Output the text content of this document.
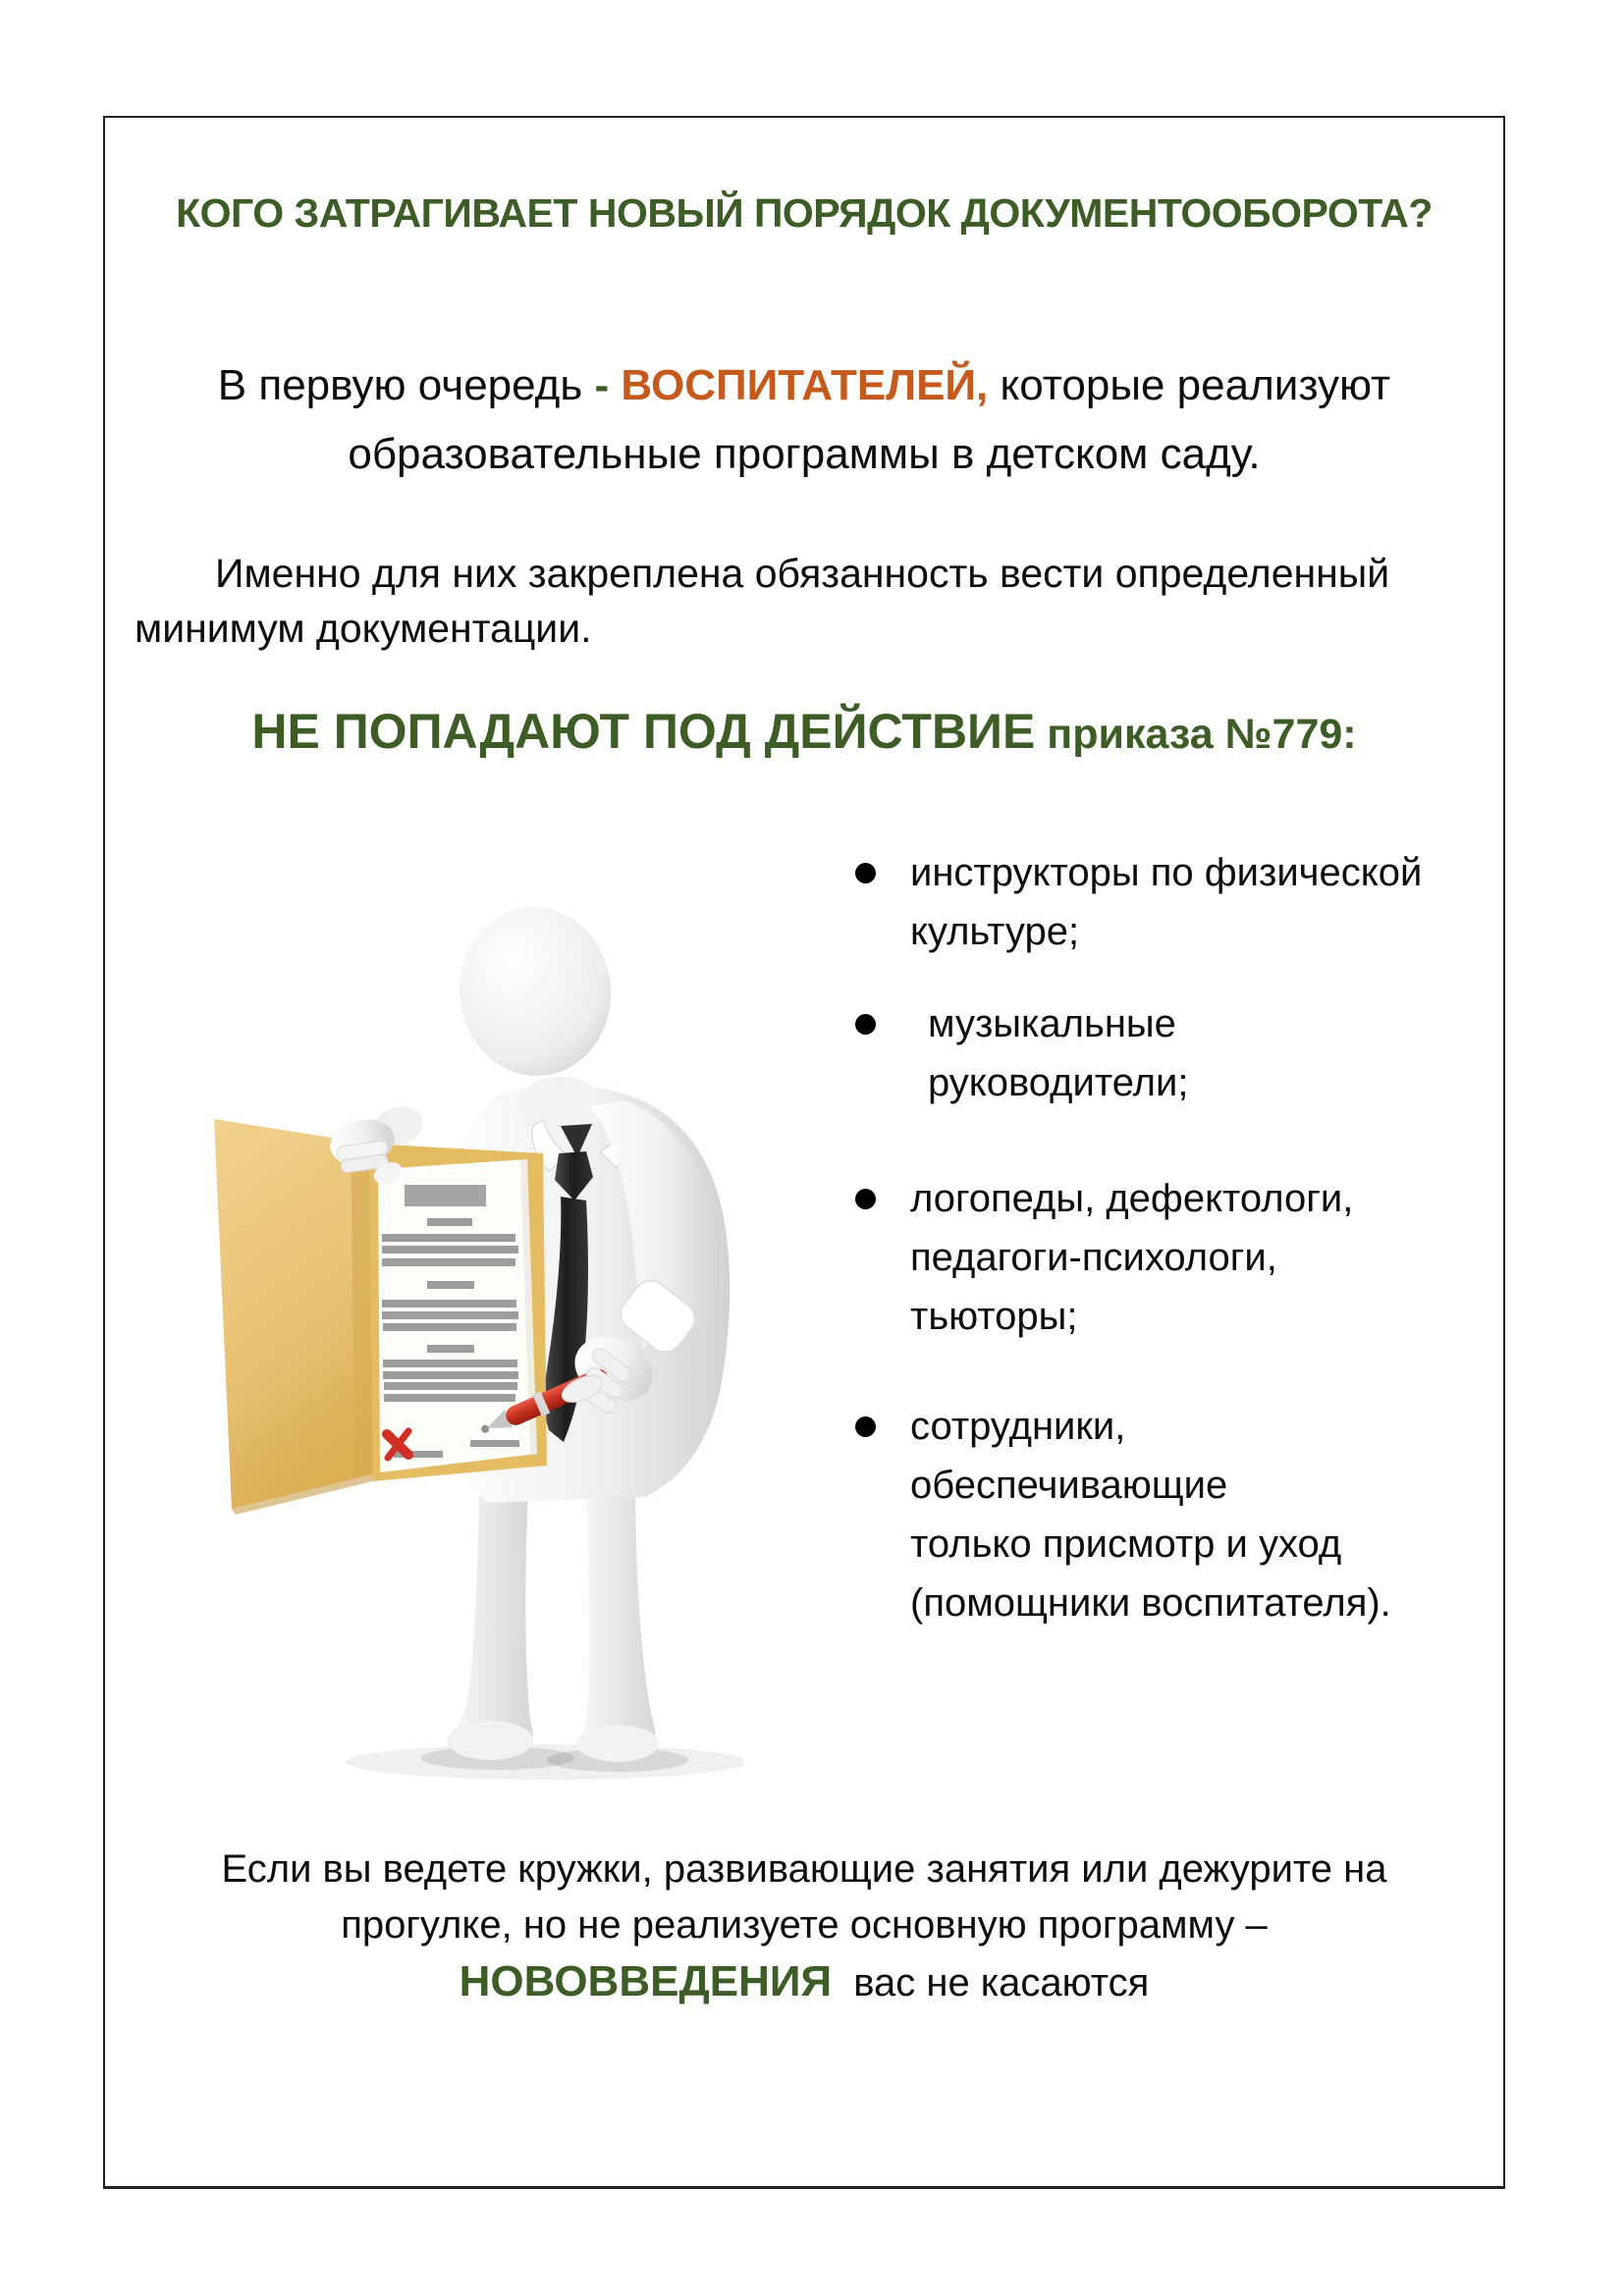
КОГО ЗАТРАГИВАЕТ НОВЫЙ ПОРЯДОК ДОКУМЕНТООБОРОТА?
В первую очередь - ВОСПИТАТЕЛЕЙ, которые реализуют
образовательные программы в детском саду.
Именно для них закреплена обязанность вести определенный
минимум документации.
НЕ ПОПАДАЮТ ПОД ДЕЙСТВИЕ приказа №779:
инструкторы по физической
культуре;
музыкальные руководители;
логопеды, дефектологи,
педагоги-психологи, тьюторы;
сотрудники, обеспечивающие
только присмотр и уход
(помощники воспитателя).
Если вы ведете кружки, развивающие занятия или дежурите на
прогулке, но не реализуете основную программу –
НОВОВВЕДЕНИЯ вас не касаются
